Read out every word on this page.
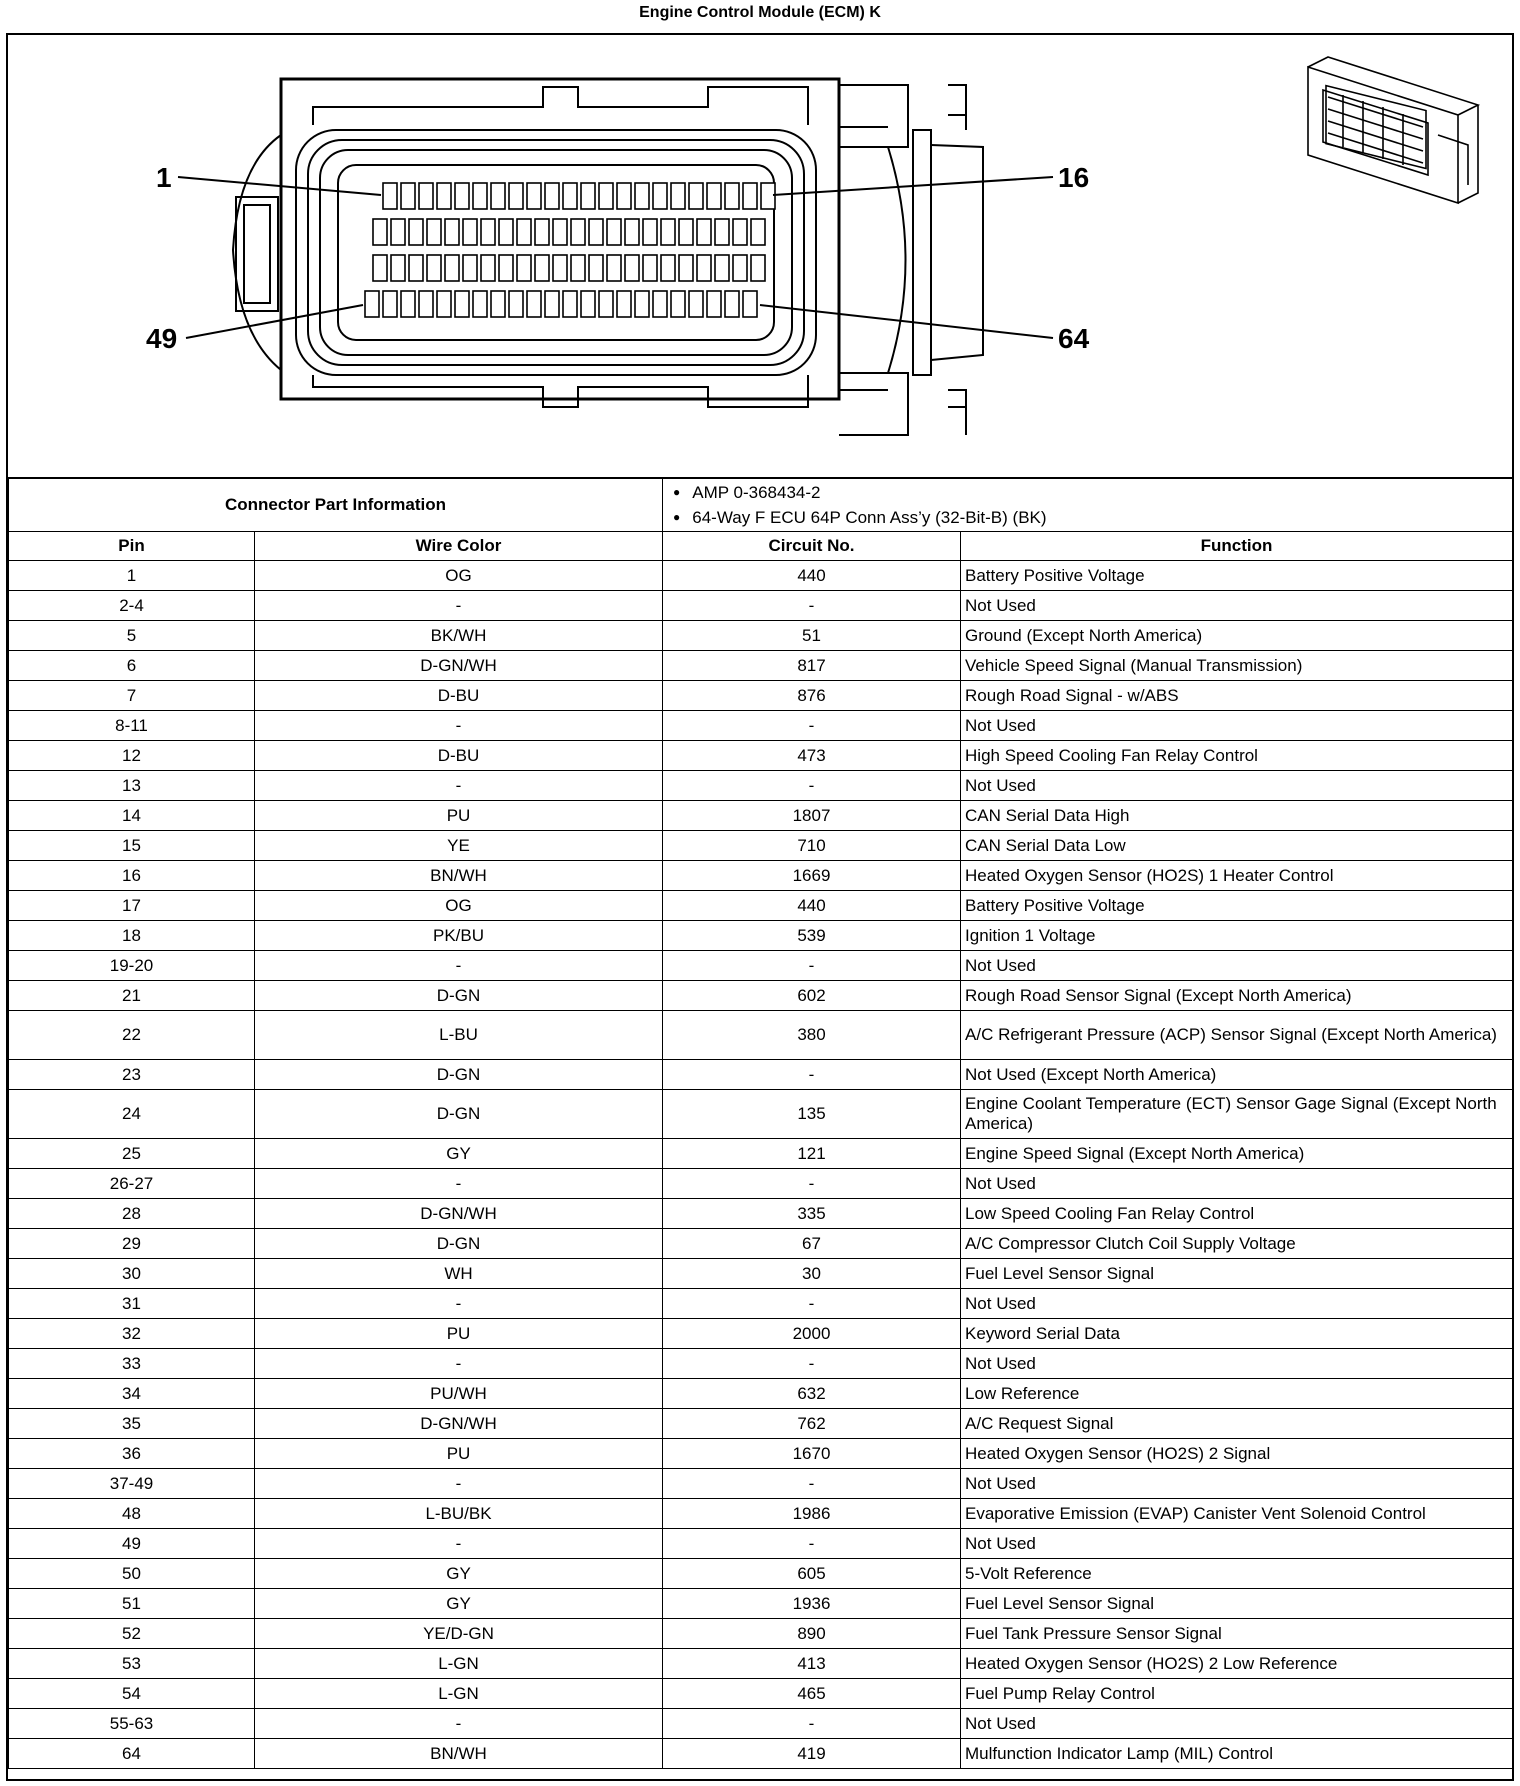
Engine Control Module (ECM) K
1	16
49	64
Connector Part Information		● AMP 0-368434-2
● 64-Way F ECU 64P Conn Ass’y (32-Bit-B) (BK)

Pin	Wire Color	Circuit No.	Function
1	OG	440	Battery Positive Voltage
2-4	-	-	Not Used
5	BK/WH	51	Ground (Except North America)
6	D-GN/WH	817	Vehicle Speed Signal (Manual Transmission)
7	D-BU	876	Rough Road Signal - w/ABS
8-11	-	-	Not Used
12	D-BU	473	High Speed Cooling Fan Relay Control
13	-	-	Not Used
14	PU	1807	CAN Serial Data High
15	YE	710	CAN Serial Data Low
16	BN/WH	1669	Heated Oxygen Sensor (HO2S) 1 Heater Control
17	OG	440	Battery Positive Voltage
18	PK/BU	539	Ignition 1 Voltage
19-20	-	-	Not Used
21	D-GN	602	Rough Road Sensor Signal (Except North America)
22	L-BU	380	A/C Refrigerant Pressure (ACP) Sensor Signal (Except North America)
23	D-GN	-	Not Used (Except North America)
24	D-GN	135	Engine Coolant Temperature (ECT) Sensor Gage Signal (Except North America)
25	GY	121	Engine Speed Signal (Except North America)
26-27	-	-	Not Used
28	D-GN/WH	335	Low Speed Cooling Fan Relay Control
29	D-GN	67	A/C Compressor Clutch Coil Supply Voltage
30	WH	30	Fuel Level Sensor Signal
31	-	-	Not Used
32	PU	2000	Keyword Serial Data
33	-	-	Not Used
34	PU/WH	632	Low Reference
35	D-GN/WH	762	A/C Request Signal
36	PU	1670	Heated Oxygen Sensor (HO2S) 2 Signal
37-49	-	-	Not Used
48	L-BU/BK	1986	Evaporative Emission (EVAP) Canister Vent Solenoid Control
49	-	-	Not Used
50	GY	605	5-Volt Reference
51	GY	1936	Fuel Level Sensor Signal
52	YE/D-GN	890	Fuel Tank Pressure Sensor Signal
53	L-GN	413	Heated Oxygen Sensor (HO2S) 2 Low Reference
54	L-GN	465	Fuel Pump Relay Control
55-63	-	-	Not Used
64	BN/WH	419	Mulfunction Indicator Lamp (MIL) Control
